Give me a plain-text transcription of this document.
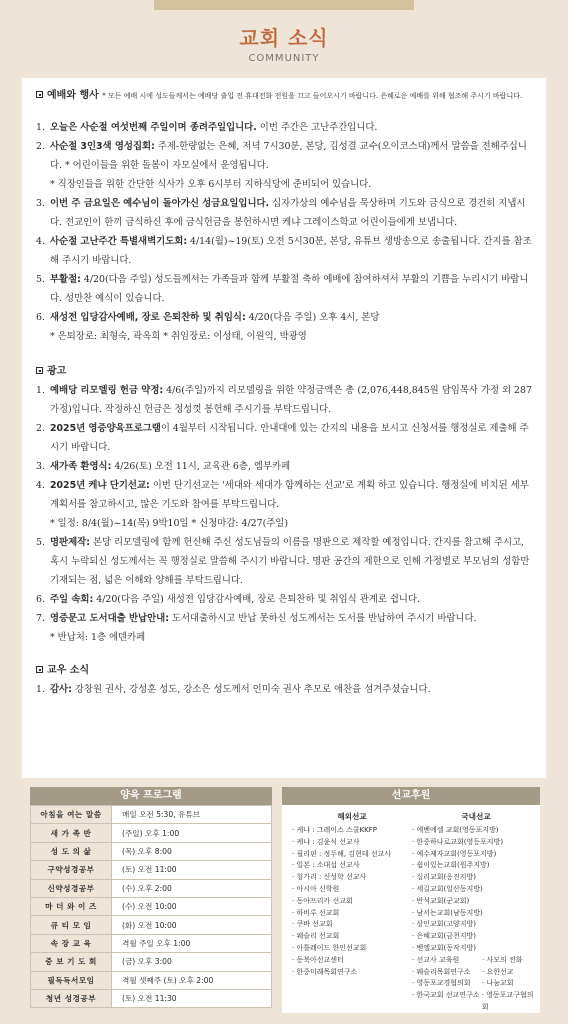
교회 소식
COMMUNITY
예배와 행사 * 모든 예배 시에 성도들께서는 예배당 출입 전 휴대전화 전원을 끄고 들어오시기 바랍니다. 은혜로운 예배를 위해 협조해 주시기 바랍니다.
1. 오늘은 사순절 여섯번째 주일이며 종려주일입니다. 이번 주간은 고난주간입니다.
2. 사순절 3인3색 영성집회: 주제-한량없는 은혜, 저녁 7시30분, 본당, 김성결 교수(오이코스대)께서 말씀을 전해주십니다. * 어린이들을 위한 돌봄이 자모실에서 운영됩니다.
* 직장인들을 위한 간단한 식사가 오후 6시부터 지하식당에 준비되어 있습니다.
3. 이번 주 금요일은 예수님이 돌아가신 성금요일입니다. 십자가상의 예수님을 묵상하며 기도와 금식으로 경건히 지냅시다. 전교인이 한끼 금식하신 후에 금식헌금을 봉헌하시면 케냐 그레이스학교 어린이들에게 보냅니다.
4. 사순절 고난주간 특별새벽기도회: 4/14(월)~19(토) 오전 5시30분, 본당, 유튜브 생방송으로 송출됩니다. 간지를 참조해 주시기 바랍니다.
5. 부활절: 4/20(다음 주일) 성도들께서는 가족들과 함께 부활절 축하 예배에 참여하셔서 부활의 기쁨을 누리시기 바랍니다. 성만찬 예식이 있습니다.
6. 새성전 입당감사예배, 장로 은퇴찬하 및 취임식: 4/20(다음 주일) 오후 4시, 본당
* 은퇴장로: 최형숙, 곽옥희 * 취임장로: 이성태, 이원익, 박광영
광고
1. 예배당 리모델링 헌금 약정: 4/6(주일)까지 리모델링을 위한 약정금액은 총 (2,076,448,845원 담임목사 가정 외 287가정)입니다. 작정하신 헌금은 정성껏 봉헌해 주시기를 부탁드립니다.
2. 2025년 영증양육프로그램이 4월부터 시작됩니다. 안내대에 있는 간지의 내용을 보시고 신청서를 행정실로 제출해 주시기 바랍니다.
3. 새가족 환영식: 4/26(토) 오전 11시, 교육관 6층, 엠부카페
4. 2025년 케냐 단기선교: 이번 단기선교는 '세대와 세대가 함께하는 선교'로 계획 하고 있습니다. 행정실에 비치된 세부 계획서를 참고하시고, 많은 기도와 참여를 부탁드립니다.
* 일정: 8/4(월)~14(목) 9박10일 * 신청마감: 4/27(주일)
5. 명판제작: 본당 리모델링에 함께 헌신해 주신 성도님들의 이름을 명판으로 제작할 예정입니다. 간지를 참고해 주시고, 혹시 누락되신 성도께서는 꼭 행정실로 말씀해 주시기 바랍니다. 명판 공간의 제한으로 인해 가정별로 부모님의 성함만 기재되는 점, 넓은 이해와 양해를 부탁드립니다.
6. 주일 속회: 4/20(다음 주일) 새성전 입당감사예배, 장로 은퇴찬하 및 취임식 관계로 쉽니다.
7. 영증문고 도서대출 반납안내: 도서대출하시고 반납 못하신 성도께서는 도서를 반납하여 주시기 바랍니다.
* 반납처: 1층 에덴카페
교우 소식
1. 감사: 강창원 권사, 강성훈 성도, 강소은 성도께서 인미숙 권사 추모로 애찬을 섬겨주셨습니다.
양육 프로그램
아침을 여는 말씀	매일 오전 5:30, 유튜브
새 가 족 반	(주일) 오후 1:00
성 도 의 삶	(목) 오후 8:00
구약성경공부	(토) 오전 11:00
신약성경공부	(수) 오후 2:00
마 더 와 이 즈	(수) 오전 10:00
큐 티 모 임	(화) 오전 10:00
속 장 교 육	격월 주일 오후 1:00
중 보 기 도 회	(금) 오후 3:00
필독독서모임	격월 셋째주 (토) 오후 2:00
청년 성경공부	(토) 오전 11:30
선교후원
해외선교
· 케냐 : 그레이스 스쿨KKFP
· 케냐 : 김윤식 선교사
· 필리핀 : 정두해, 김현테 선교사
· 일본 : 소대섭 선교사
· 헝가리 : 신성학 선교사
· 아시아 신학원
· 동아프리카 선교회
· 하비루 선교회
· 쿠바 선교회
· 웨슬리 선교회
· 아틀레이드 한인선교회
· 동북아선교센터
· 한중미래목회연구소
국내선교
· 에벤에셀 교회(영동포지방)
· 한중하나로교회(영등포지방)
· 예수제자교회(영등포지방)
· 쉼이있는교회(원주지방)
· 십리교회(옹진지방)
· 세길교회(일산동지방)
· 반석교회(군교회)
· 남서는교회(남동지방)
· 상인교회(고양지방)
· 은혜교회(금천지방)
· 벧엘교회(동작지방)
· 선교사 교육원	· 사모의 전화
· 웨슬리목회연구소	· 요한선교
· 영동포교경협의회	· 나눔교회
· 한국교회 선교연구소 · 영동포교구협의회
